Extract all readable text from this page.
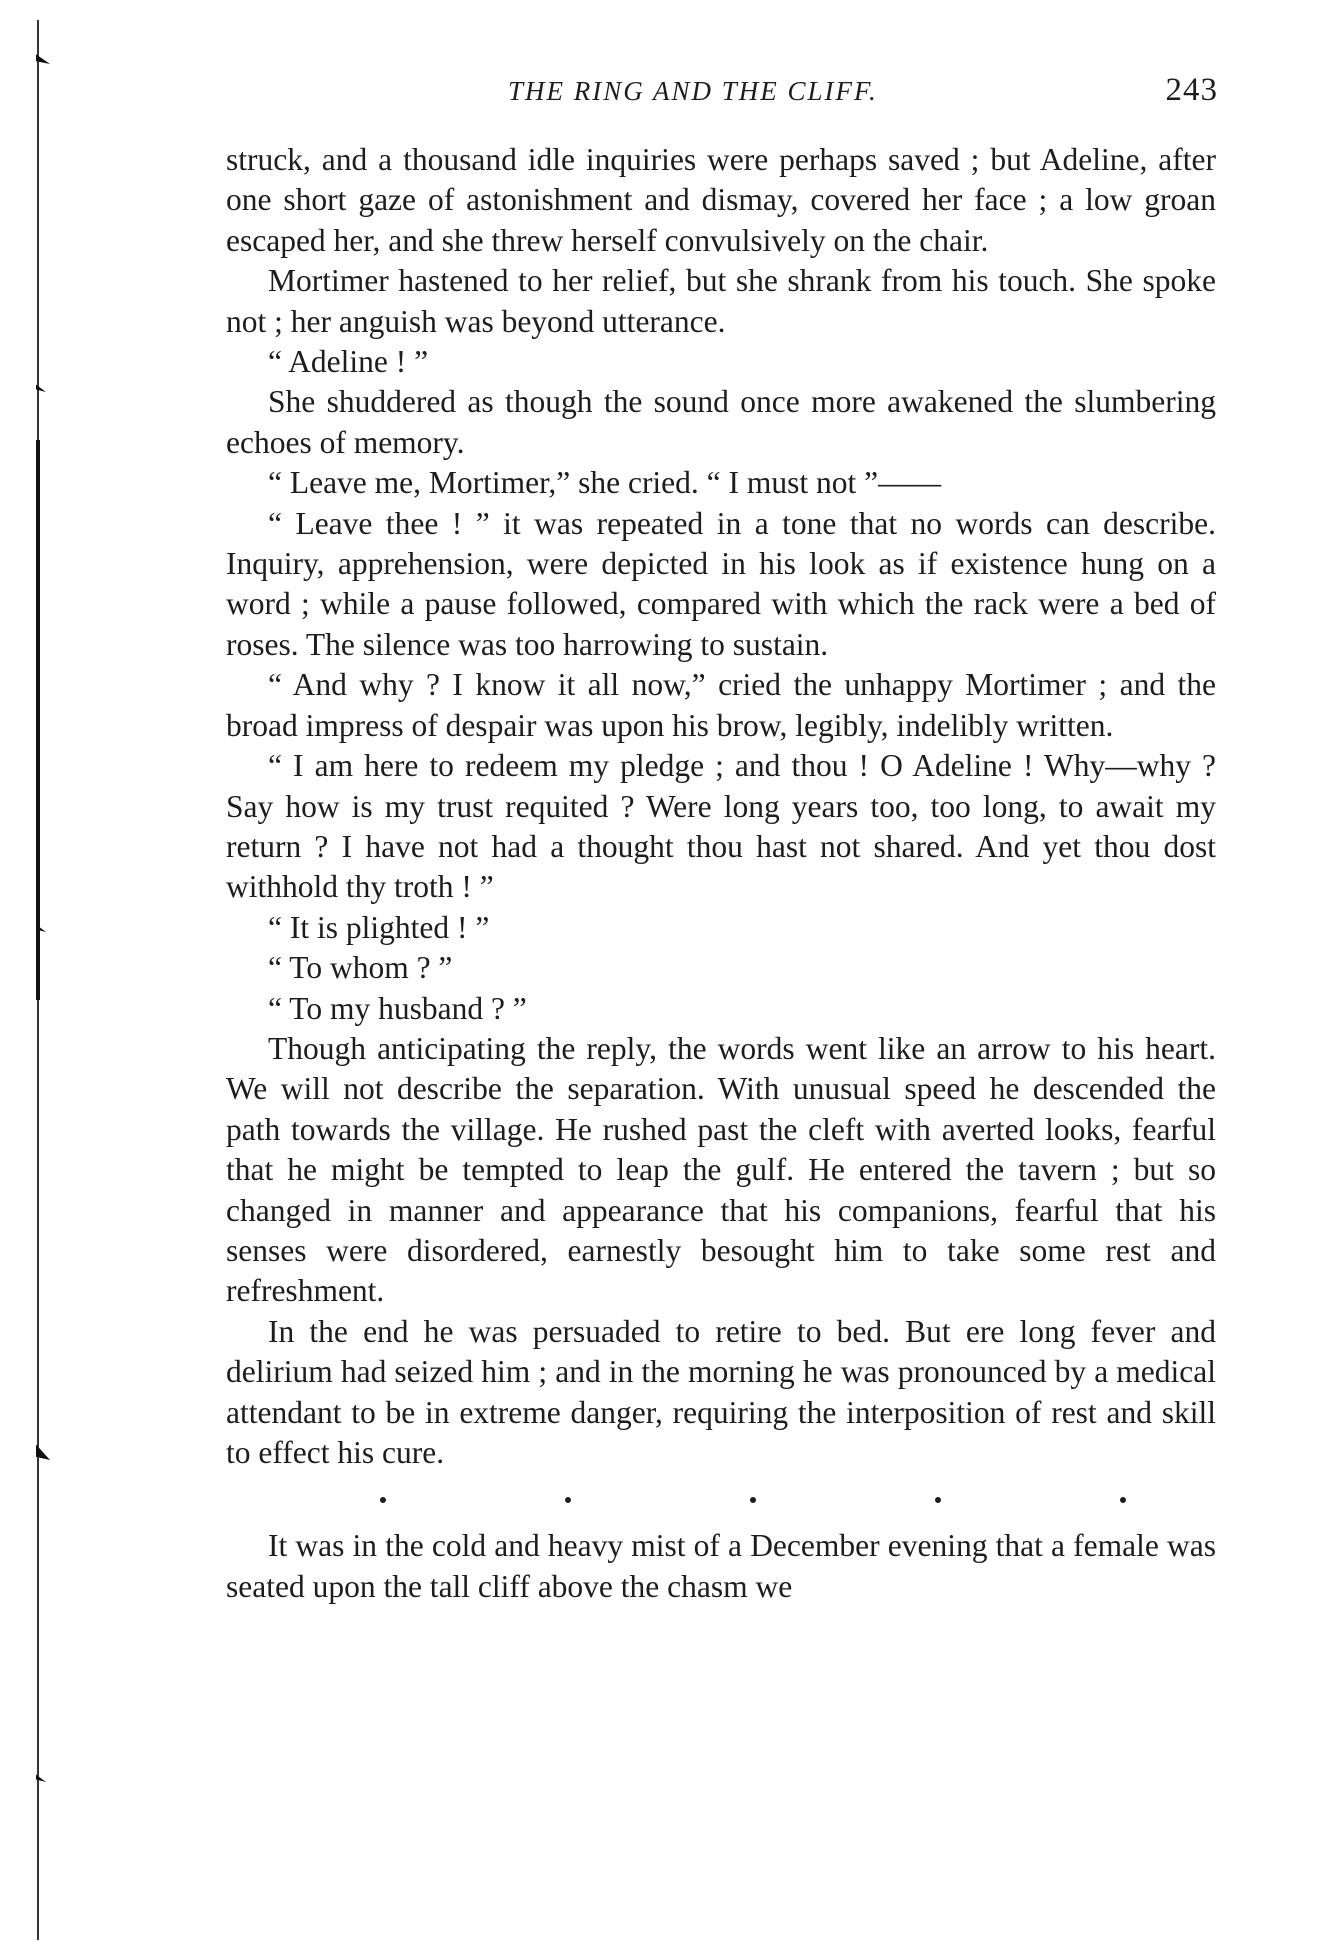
THE RING AND THE CLIFF.	243

struck, and a thousand idle inquiries were perhaps saved ; but Adeline, after one short gaze of astonishment and dismay, covered her face ; a low groan escaped her, and she threw herself convulsively on the chair.

Mortimer hastened to her relief, but she shrank from his touch. She spoke not ; her anguish was beyond utterance.

“ Adeline ! ”

She shuddered as though the sound once more awakened the slumbering echoes of memory.

“ Leave me, Mortimer,” she cried. “ I must not ”——

“ Leave thee ! ” it was repeated in a tone that no words can describe. Inquiry, apprehension, were depicted in his look as if existence hung on a word ; while a pause followed, compared with which the rack were a bed of roses. The silence was too harrowing to sustain.

“ And why ? I know it all now,” cried the unhappy Mortimer ; and the broad impress of despair was upon his brow, legibly, indelibly written.

“ I am here to redeem my pledge ; and thou ! O Adeline ! Why—why ? Say how is my trust requited ? Were long years too, too long, to await my return ? I have not had a thought thou hast not shared. And yet thou dost withhold thy troth ! ”

“ It is plighted ! ”

“ To whom ? ”

“ To my husband ? ”

Though anticipating the reply, the words went like an arrow to his heart. We will not describe the separation. With unusual speed he descended the path towards the village. He rushed past the cleft with averted looks, fearful that he might be tempted to leap the gulf. He entered the tavern ; but so changed in manner and appearance that his companions, fearful that his senses were disordered, earnestly besought him to take some rest and refreshment.

In the end he was persuaded to retire to bed. But ere long fever and delirium had seized him ; and in the morning he was pronounced by a medical attendant to be in extreme danger, requiring the interposition of rest and skill to effect his cure.

It was in the cold and heavy mist of a December evening that a female was seated upon the tall cliff above the chasm we
